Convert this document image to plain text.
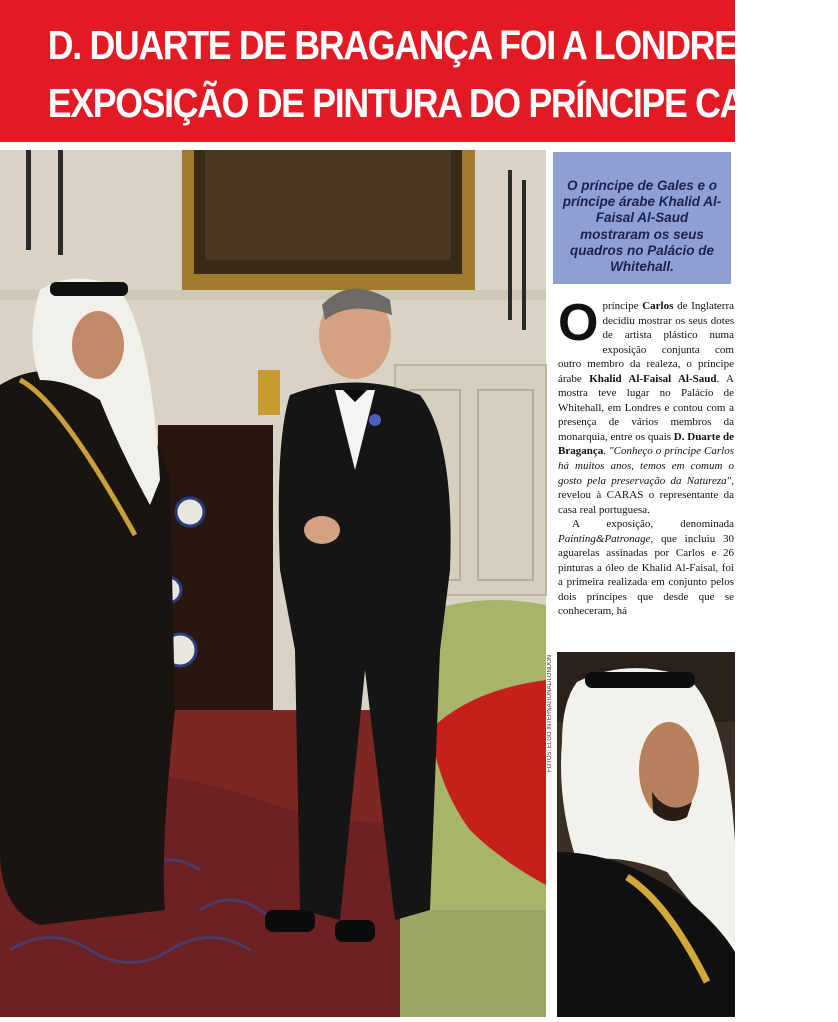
D. DUARTE DE BRAGANÇA FOI A LONDRES VER
EXPOSIÇÃO DE PINTURA DO PRÍNCIPE CARLOS
FOTOS: ELGO INTERNATIONAL/LONDON
O príncipe de Gales e o príncipe árabe Khalid Al-Faisal Al-Saud mostraram os seus quadros no Palácio de Whitehall.

O príncipe Carlos de Inglaterra decidiu mostrar os seus dotes de artista plástico numa exposição conjunta com outro membro da realeza, o príncipe árabe Khalid Al-Faisal Al-Saud. A mostra teve lugar no Palácio de Whitehall, em Londres e contou com a presença de vários membros da monarquia, entre os quais D. Duarte de Bragança. "Conheço o príncipe Carlos há muitos anos, temos em comum o gosto pela preservação da Natureza", revelou à CARAS o representante da casa real portuguesa.

A exposição, denominada Painting&Patronage, que incluiu 30 aguarelas assinadas por Carlos e 26 pinturas a óleo de Khalid Al-Faisal, foi a primeira realizada em conjunto pelos dois príncipes que desde que se conheceram, há
